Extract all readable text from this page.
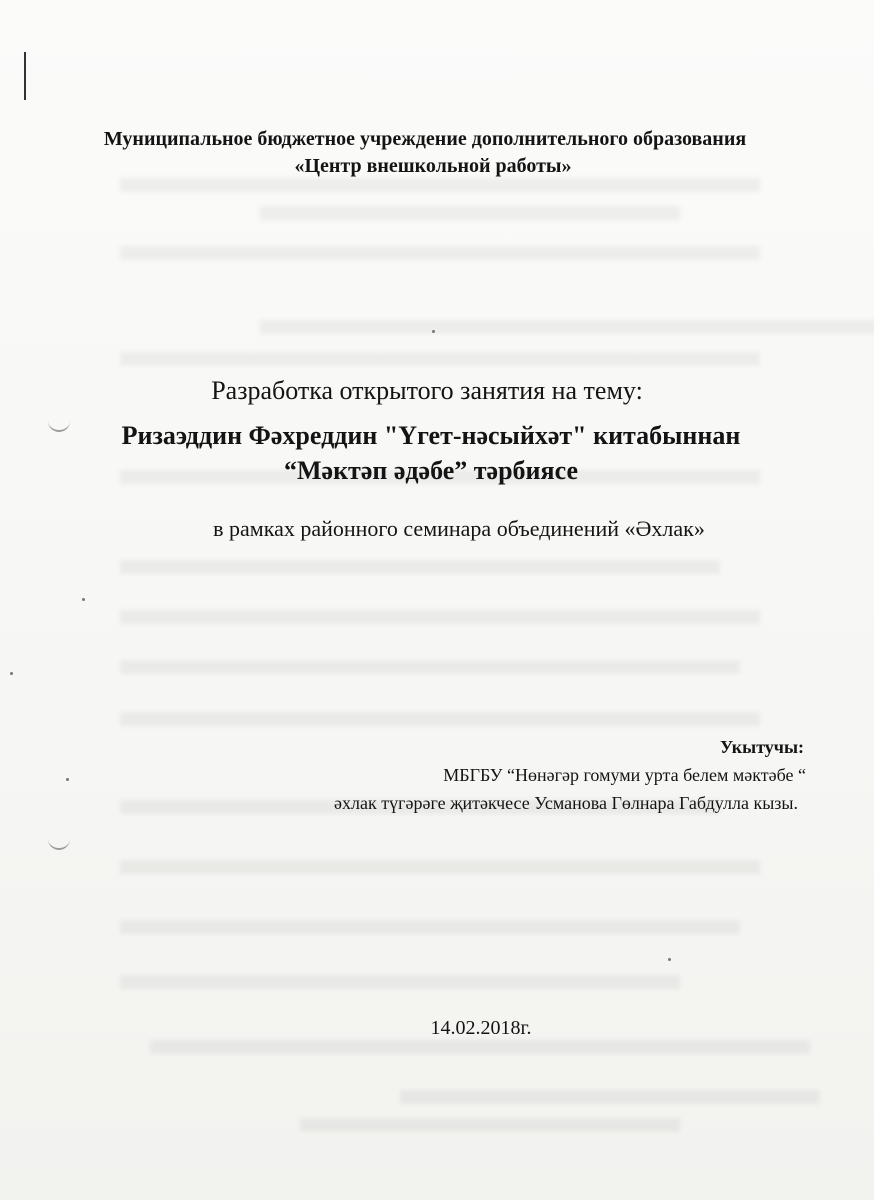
Муниципальное бюджетное учреждение дополнительного образования
«Центр внешкольной работы»
Разработка открытого занятия на тему:
Ризаэддин Фәхреддин "Үгет-нәсыйхәт" китабыннан
“Мәктәп әдәбе” тәрбиясе
в рамках районного семинара объединений «Әхлак»
Укытучы:
МБГБУ “Нөнәгәр гомуми урта белем мәктәбе “
әхлак түгәрәге җитәкчесе Усманова Гөлнара Габдулла кызы.
14.02.2018г.
